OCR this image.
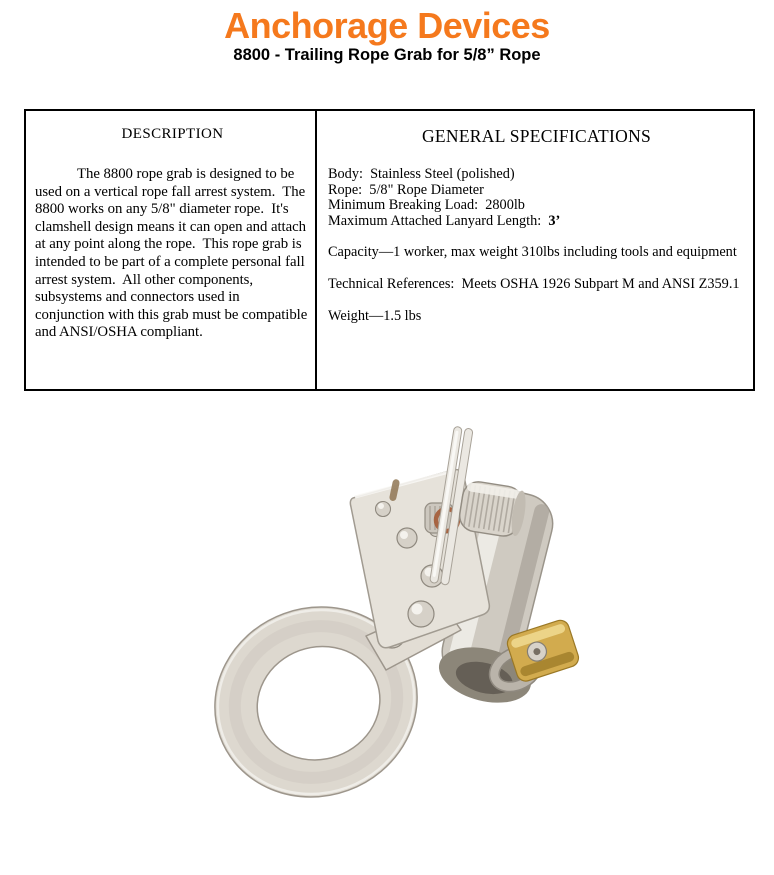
Anchorage Devices
8800 - Trailing Rope Grab for 5/8” Rope
DESCRIPTION

The 8800 rope grab is designed to be used on a vertical rope fall arrest system.  The 8800 works on any 5/8" diameter rope.  It's clamshell design means it can open and attach at any point along the rope.  This rope grab is intended to be part of a complete personal fall arrest system.  All other components, subsystems and connectors used in conjunction with this grab must be compatible and ANSI/OSHA compliant.

GENERAL SPECIFICATIONS
Body:  Stainless Steel (polished)
Rope:  5/8" Rope Diameter
Minimum Breaking Load:  2800lb
Maximum Attached Lanyard Length:  3’
Capacity—1 worker, max weight 310lbs including tools and equipment
Technical References:  Meets OSHA 1926 Subpart M and ANSI Z359.1
Weight—1.5 lbs
